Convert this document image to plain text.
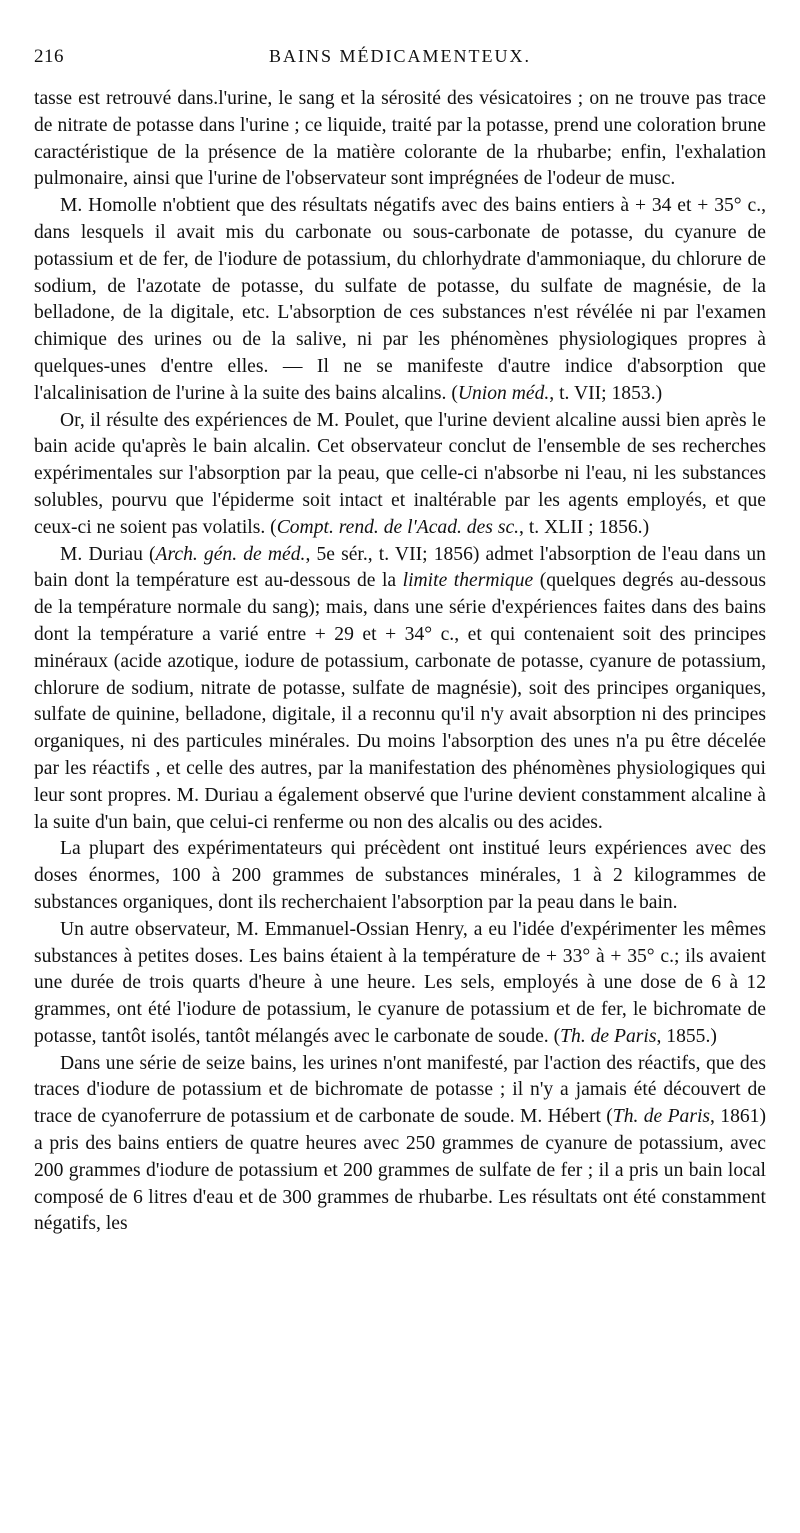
216	BAINS MÉDICAMENTEUX.

tasse est retrouvé dans.l'urine, le sang et la sérosité des vésicatoires ; on ne trouve pas trace de nitrate de potasse dans l'urine ; ce liquide, traité par la potasse, prend une coloration brune caractéristique de la présence de la matière colorante de la rhubarbe; enfin, l'exhalation pulmonaire, ainsi que l'urine de l'observateur sont imprégnées de l'odeur de musc.

M. Homolle n'obtient que des résultats négatifs avec des bains entiers à + 34 et + 35° c., dans lesquels il avait mis du carbonate ou sous-carbonate de potasse, du cyanure de potassium et de fer, de l'iodure de potassium, du chlorhydrate d'ammoniaque, du chlorure de sodium, de l'azotate de potasse, du sulfate de potasse, du sulfate de magnésie, de la belladone, de la digitale, etc. L'absorption de ces substances n'est révélée ni par l'examen chimique des urines ou de la salive, ni par les phénomènes physiologiques propres à quelques-unes d'entre elles. — Il ne se manifeste d'autre indice d'absorption que l'alcalinisation de l'urine à la suite des bains alcalins. (Union méd., t. VII; 1853.)

Or, il résulte des expériences de M. Poulet, que l'urine devient alcaline aussi bien après le bain acide qu'après le bain alcalin. Cet observateur conclut de l'ensemble de ses recherches expérimentales sur l'absorption par la peau, que celle-ci n'absorbe ni l'eau, ni les substances solubles, pourvu que l'épiderme soit intact et inaltérable par les agents employés, et que ceux-ci ne soient pas volatils. (Compt. rend. de l'Acad. des sc., t. XLII ; 1856.)

M. Duriau (Arch. gén. de méd., 5e sér., t. VII; 1856) admet l'absorption de l'eau dans un bain dont la température est au-dessous de la limite thermique (quelques degrés au-dessous de la température normale du sang); mais, dans une série d'expériences faites dans des bains dont la température a varié entre + 29 et + 34° c., et qui contenaient soit des principes minéraux (acide azotique, iodure de potassium, carbonate de potasse, cyanure de potassium, chlorure de sodium, nitrate de potasse, sulfate de magnésie), soit des principes organiques, sulfate de quinine, belladone, digitale, il a reconnu qu'il n'y avait absorption ni des principes organiques, ni des particules minérales. Du moins l'absorption des unes n'a pu être décelée par les réactifs , et celle des autres, par la manifestation des phénomènes physiologiques qui leur sont propres. M. Duriau a également observé que l'urine devient constamment alcaline à la suite d'un bain, que celui-ci renferme ou non des alcalis ou des acides.

La plupart des expérimentateurs qui précèdent ont institué leurs expériences avec des doses énormes, 100 à 200 grammes de substances minérales, 1 à 2 kilogrammes de substances organiques, dont ils recherchaient l'absorption par la peau dans le bain.

Un autre observateur, M. Emmanuel-Ossian Henry, a eu l'idée d'expérimenter les mêmes substances à petites doses. Les bains étaient à la température de + 33° à + 35° c.; ils avaient une durée de trois quarts d'heure à une heure. Les sels, employés à une dose de 6 à 12 grammes, ont été l'iodure de potassium, le cyanure de potassium et de fer, le bichromate de potasse, tantôt isolés, tantôt mélangés avec le carbonate de soude. (Th. de Paris, 1855.)

Dans une série de seize bains, les urines n'ont manifesté, par l'action des réactifs, que des traces d'iodure de potassium et de bichromate de potasse ; il n'y a jamais été découvert de trace de cyanoferrure de potassium et de carbonate de soude. M. Hébert (Th. de Paris, 1861) a pris des bains entiers de quatre heures avec 250 grammes de cyanure de potassium, avec 200 grammes d'iodure de potassium et 200 grammes de sulfate de fer ; il a pris un bain local composé de 6 litres d'eau et de 300 grammes de rhubarbe. Les résultats ont été constamment négatifs, les
